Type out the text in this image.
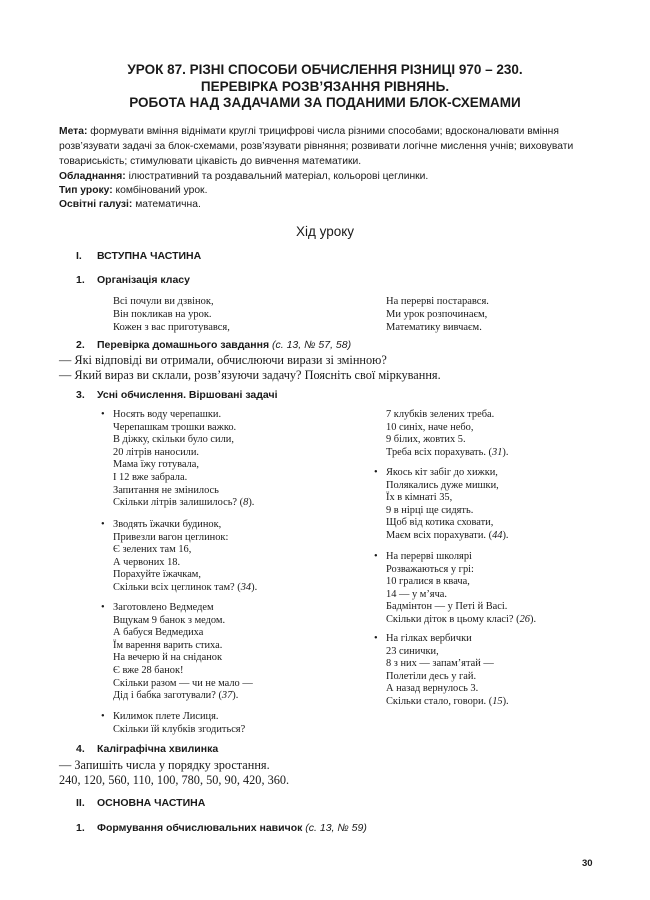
УРОК 87. РІЗНІ СПОСОБИ ОБЧИСЛЕННЯ РІЗНИЦІ 970 – 230.
ПЕРЕВІРКА РОЗВ’ЯЗАННЯ РІВНЯНЬ.
РОБОТА НАД ЗАДАЧАМИ ЗА ПОДАНИМИ БЛОК-СХЕМАМИ
Мета: формувати вміння віднімати круглі трицифрові числа різними способами; вдосконалювати вміння розв’язувати задачі за блок-схемами, розв’язувати рівняння; розвивати логічне мислення учнів; виховувати товариськість; стимулювати цікавість до вивчення математики.
Обладнання: ілюстративний та роздавальний матеріал, кольорові цеглинки.
Тип уроку: комбінований урок.
Освітні галузі: математична.
Хід уроку
I. ВСТУПНА ЧАСТИНА
1. Організація класу
Всі почули ви дзвінок,
Він покликав на урок.
Кожен з вас приготувався,
На перерві постарався.
Ми урок розпочинаєм,
Математику вивчаєм.
2. Перевірка домашнього завдання (с. 13, № 57, 58)
— Які відповіді ви отримали, обчислюючи вирази зі змінною?
— Який вираз ви склали, розв’язуючи задачу? Поясніть свої міркування.
3. Усні обчислення. Віршовані задачі
• Носять воду черепашки.
Черепашкам трошки важко.
В діжку, скільки було сили,
20 літрів наносили.
Мама їжу готувала,
І 12 вже забрала.
Запитання не змінилось
Скільки літрів залишилось? (8).
• Зводять їжачки будинок,
Привезли вагон цеглинок:
Є зелених там 16,
А червоних 18.
Порахуйте їжачкам,
Скільки всіх цеглинок там? (34).
• Заготовлено Ведмедем
Вщукам 9 банок з медом.
А бабуся Ведмедиха
Їм варення варить стиха.
На вечерю й на сніданок
Є вже 28 банок!
Скільки разом — чи не мало —
Дід і бабка заготували? (37).
• Килимок плете Лисиця.
Скільки їй клубків згодиться?
7 клубків зелених треба.
10 синіх, наче небо,
9 білих, жовтих 5.
Треба всіх порахувать. (31).
• Якось кіт забіг до хижки,
Полякались дуже мишки,
Їх в кімнаті 35,
9 в нірці ще сидять.
Щоб від котика сховати,
Маєм всіх порахувати. (44).
• На перерві школярі
Розважаються у грі:
10 гралися в квача,
14 — у м’яча.
Бадмінтон — у Петі й Васі.
Скільки діток в цьому класі? (26).
• На гілках вербички
23 синички,
8 з них — запам’ятай —
Полетіли десь у гай.
А назад вернулось 3.
Скільки стало, говори. (15).
4. Каліграфічна хвилинка
— Запишіть числа у порядку зростання.
240, 120, 560, 110, 100, 780, 50, 90, 420, 360.
II. ОСНОВНА ЧАСТИНА
1. Формування обчислювальних навичок (с. 13, № 59)
30
